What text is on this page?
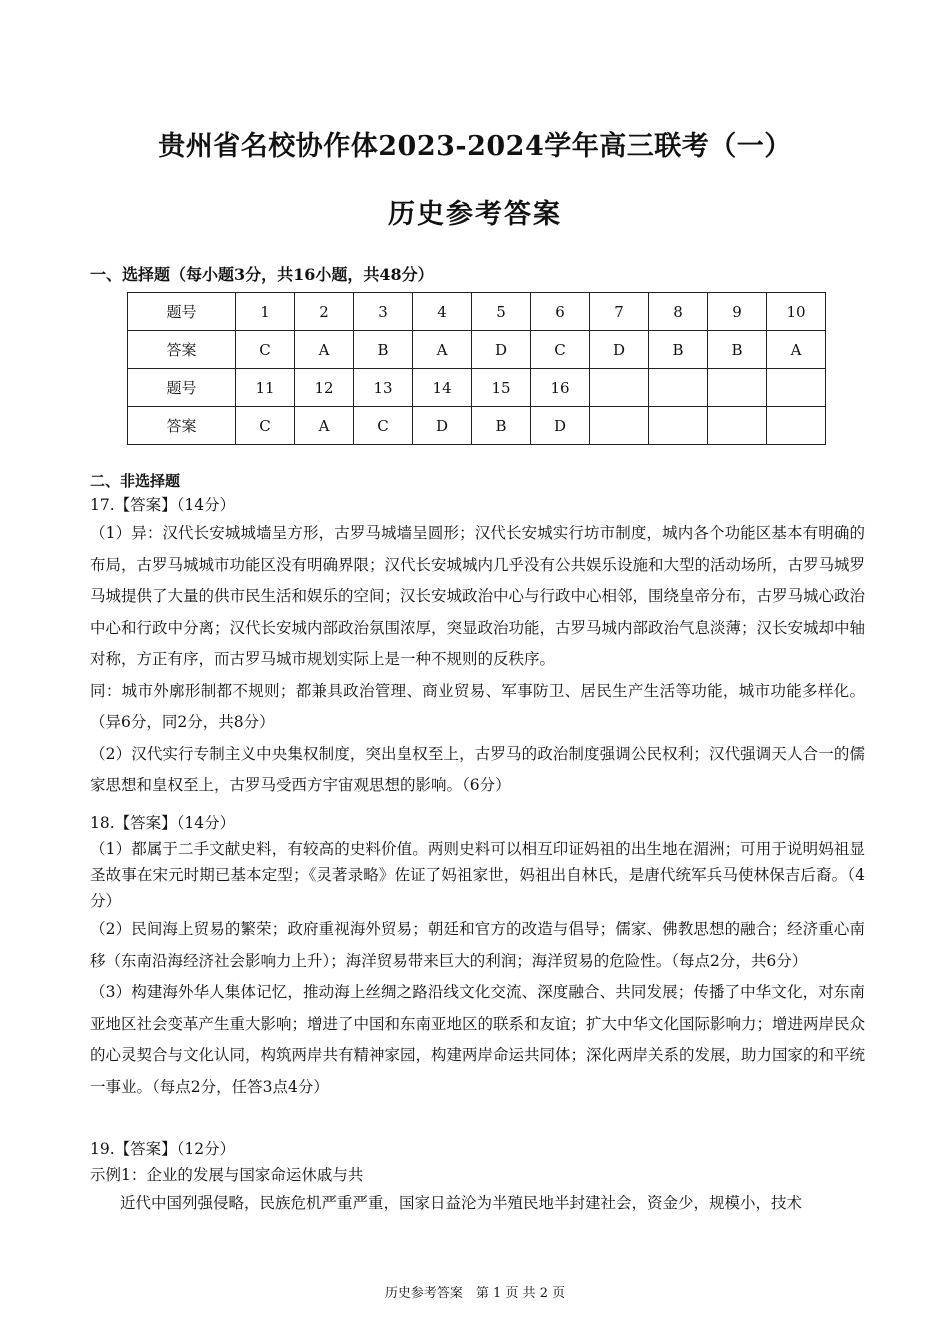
贵州省名校协作体2023-2024学年高三联考（一）
历史参考答案
一、选择题（每小题3分，共16小题，共48分）
题号	1	2	3	4	5	6	7	8	9	10
答案	C	A	B	A	D	C	D	B	B	A
题号	11	12	13	14	15	16				
答案	C	A	C	D	B	D				
二、非选择题

17.【答案】（14分）

（1）异：汉代长安城城墙呈方形，古罗马城墙呈圆形；汉代长安城实行坊市制度，城内各个功能区基本有明确的布局，古罗马城城市功能区没有明确界限；汉代长安城城内几乎没有公共娱乐设施和大型的活动场所，古罗马城罗马城提供了大量的供市民生活和娱乐的空间；汉长安城政治中心与行政中心相邻，围绕皇帝分布，古罗马城心政治中心和行政中分离；汉代长安城内部政治氛围浓厚，突显政治功能，古罗马城内部政治气息淡薄；汉长安城却中轴对称，方正有序，而古罗马城市规划实际上是一种不规则的反秩序。

同：城市外廓形制都不规则；都兼具政治管理、商业贸易、军事防卫、居民生产生活等功能，城市功能多样化。（异6分，同2分，共8分）

（2）汉代实行专制主义中央集权制度，突出皇权至上，古罗马的政治制度强调公民权利；汉代强调天人合一的儒家思想和皇权至上，古罗马受西方宇宙观思想的影响。（6分）

18.【答案】（14分）

（1）都属于二手文献史料，有较高的史料价值。两则史料可以相互印证妈祖的出生地在湄洲；可用于说明妈祖显圣故事在宋元时期已基本定型；《灵著录略》佐证了妈祖家世，妈祖出自林氏，是唐代统军兵马使林保吉后裔。（4分）

（2）民间海上贸易的繁荣；政府重视海外贸易；朝廷和官方的改造与倡导；儒家、佛教思想的融合；经济重心南移（东南沿海经济社会影响力上升）；海洋贸易带来巨大的利润；海洋贸易的危险性。（每点2分，共6分）

（3）构建海外华人集体记忆，推动海上丝绸之路沿线文化交流、深度融合、共同发展；传播了中华文化，对东南亚地区社会变革产生重大影响；增进了中国和东南亚地区的联系和友谊；扩大中华文化国际影响力；增进两岸民众的心灵契合与文化认同，构筑两岸共有精神家园，构建两岸命运共同体；深化两岸关系的发展，助力国家的和平统一事业。（每点2分，任答3点4分）

19.【答案】（12分）

示例1：企业的发展与国家命运休戚与共

近代中国列强侵略，民族危机严重严重，国家日益沦为半殖民地半封建社会，资金少，规模小，技术

历史参考答案　第 1 页 共 2 页
